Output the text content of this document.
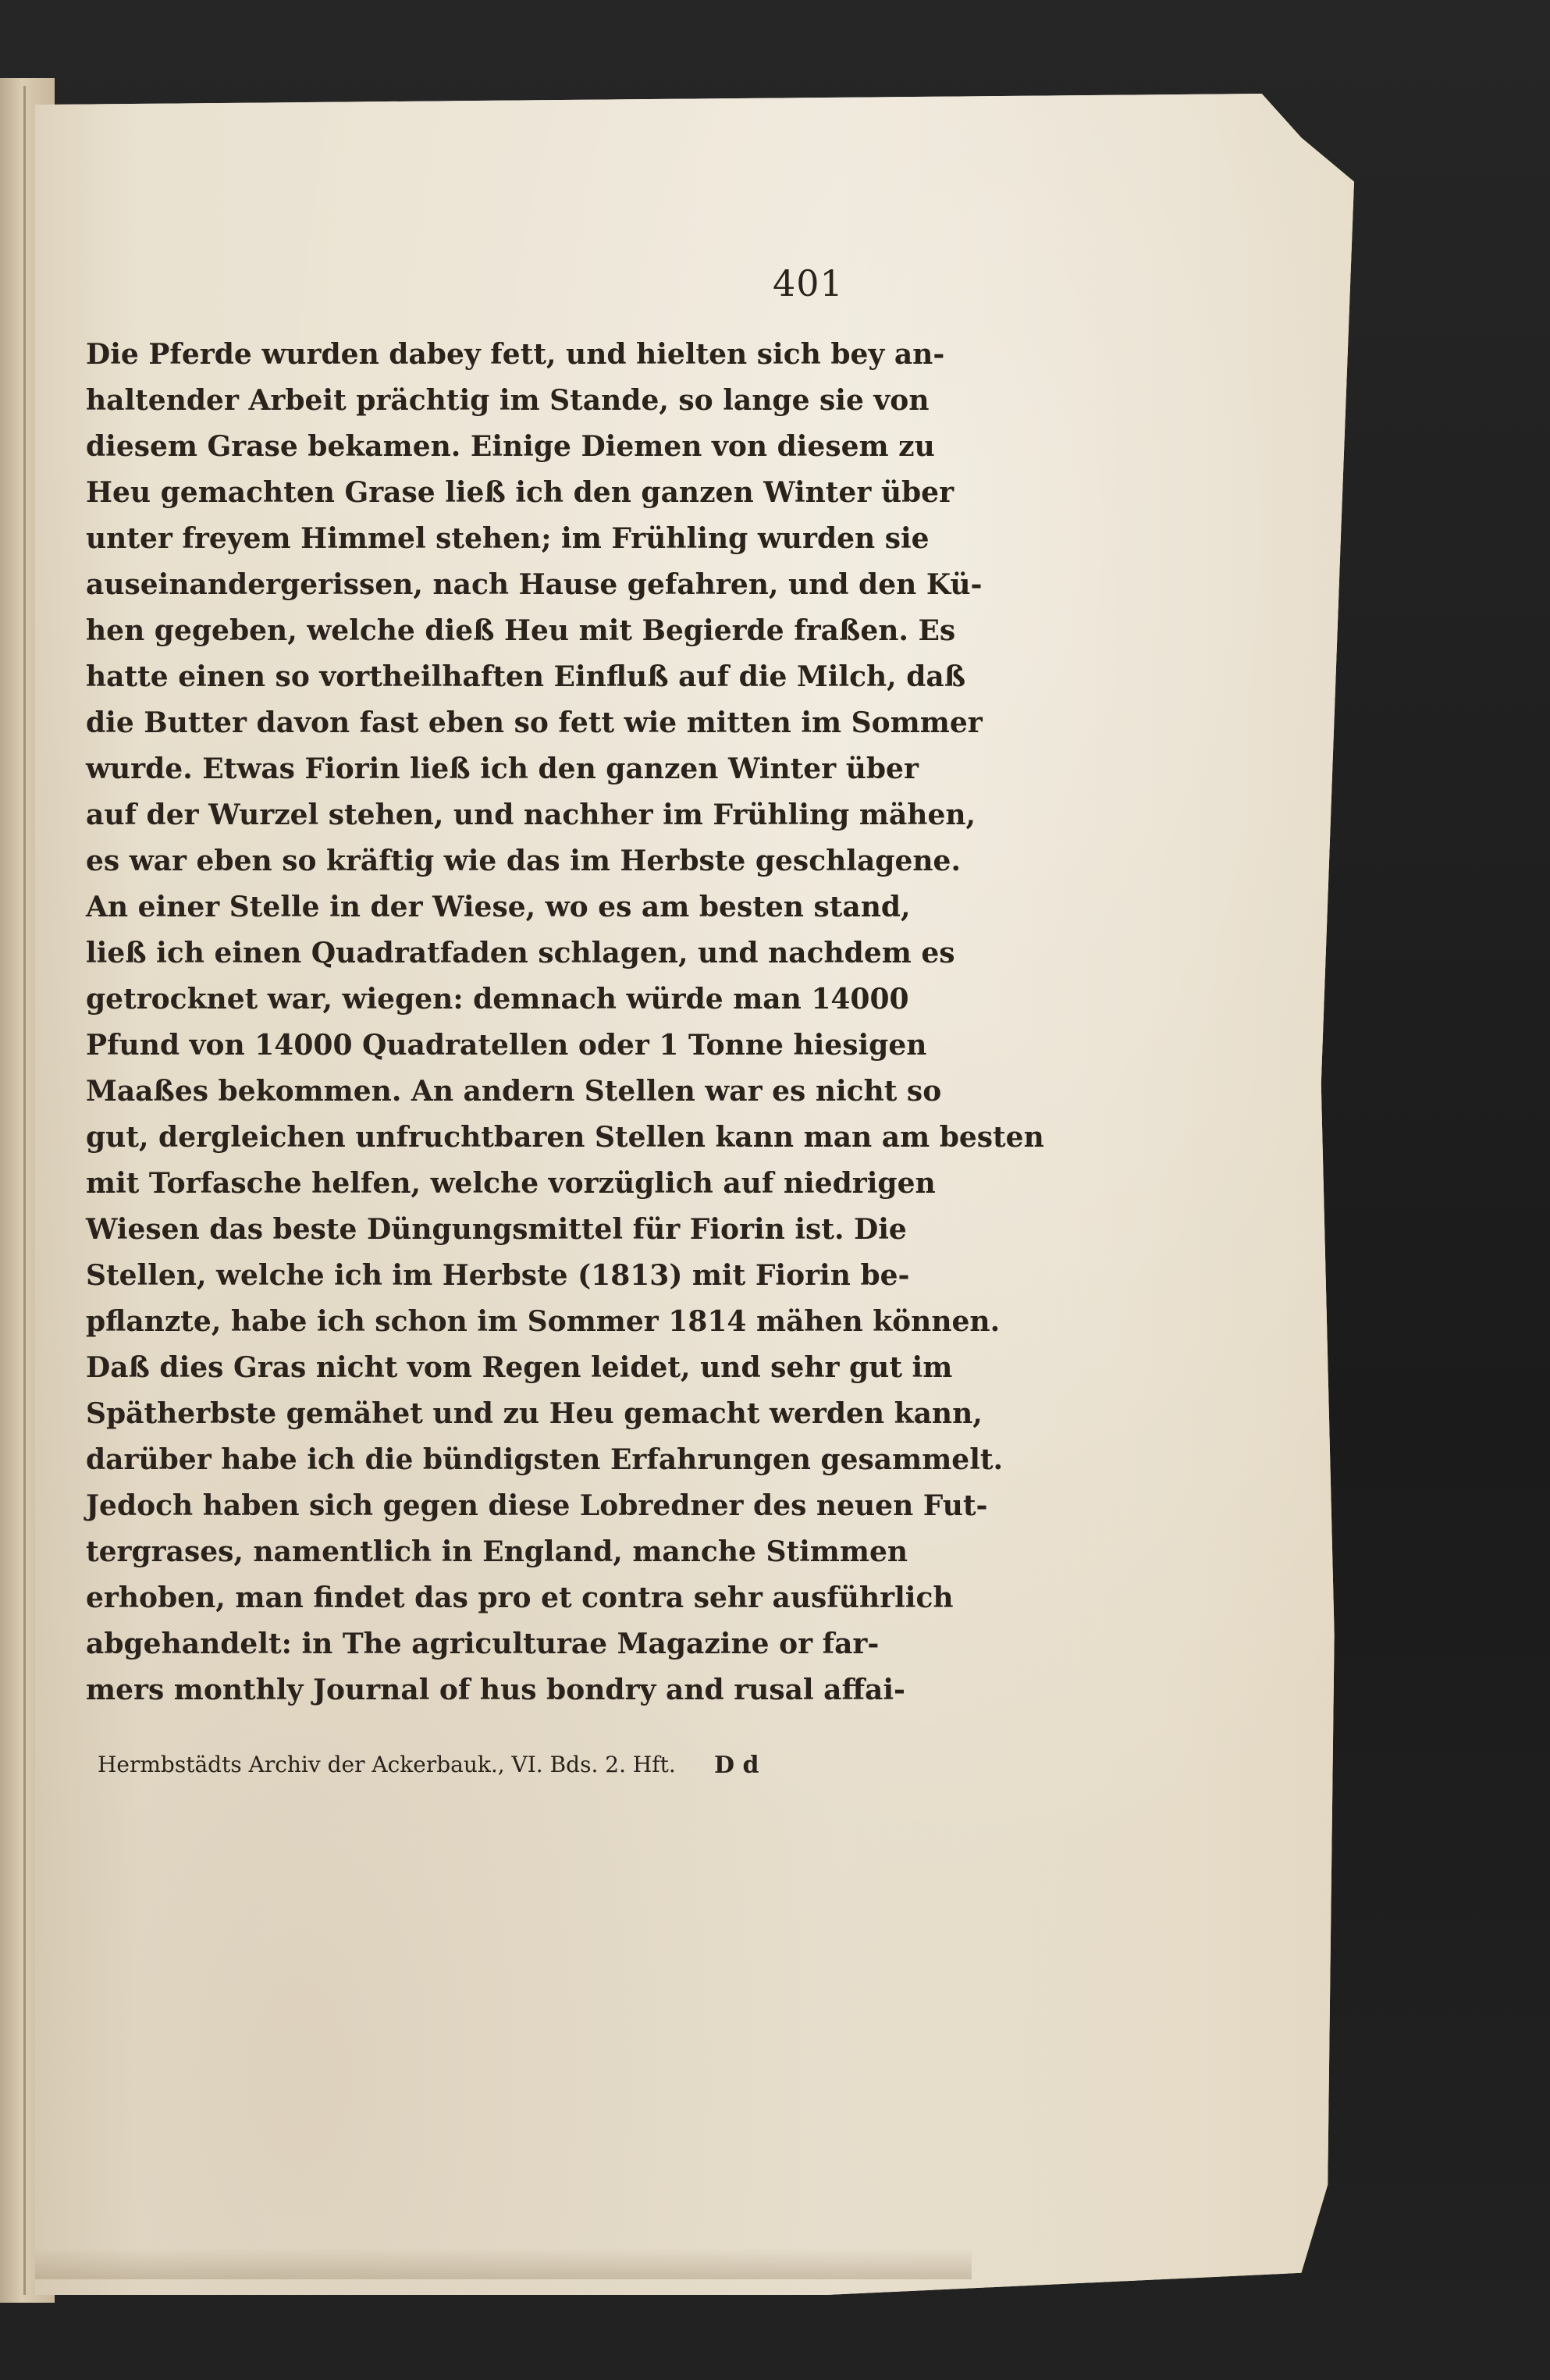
401
Die Pferde wurden dabey fett, und hielten sich bey an-
haltender Arbeit prächtig im Stande, so lange sie von
diesem Grase bekamen. Einige Diemen von diesem zu
Heu gemachten Grase ließ ich den ganzen Winter über
unter freyem Himmel stehen; im Frühling wurden sie
auseinandergerissen, nach Hause gefahren, und den Kü-
hen gegeben, welche dieß Heu mit Begierde fraßen. Es
hatte einen so vortheilhaften Einfluß auf die Milch, daß
die Butter davon fast eben so fett wie mitten im Sommer
wurde. Etwas Fiorin ließ ich den ganzen Winter über
auf der Wurzel stehen, und nachher im Frühling mähen,
es war eben so kräftig wie das im Herbste geschlagene.
An einer Stelle in der Wiese, wo es am besten stand,
ließ ich einen Quadratfaden schlagen, und nachdem es
getrocknet war, wiegen: demnach würde man 14000
Pfund von 14000 Quadratellen oder 1 Tonne hiesigen
Maaßes bekommen. An andern Stellen war es nicht so
gut, dergleichen unfruchtbaren Stellen kann man am besten
mit Torfasche helfen, welche vorzüglich auf niedrigen
Wiesen das beste Düngungsmittel für Fiorin ist. Die
Stellen, welche ich im Herbste (1813) mit Fiorin be-
pflanzte, habe ich schon im Sommer 1814 mähen können.
Daß dies Gras nicht vom Regen leidet, und sehr gut im
Spätherbste gemähet und zu Heu gemacht werden kann,
darüber habe ich die bündigsten Erfahrungen gesammelt.
Jedoch haben sich gegen diese Lobredner des neuen Fut-
tergrases, namentlich in England, manche Stimmen
erhoben, man findet das pro et contra sehr ausführlich
abgehandelt: in The agriculturae Magazine or far-
mers monthly Journal of hus bondry and rusal affai-
Hermbstädts Archiv der Ackerbauk., VI. Bds. 2. Hft.	D d
